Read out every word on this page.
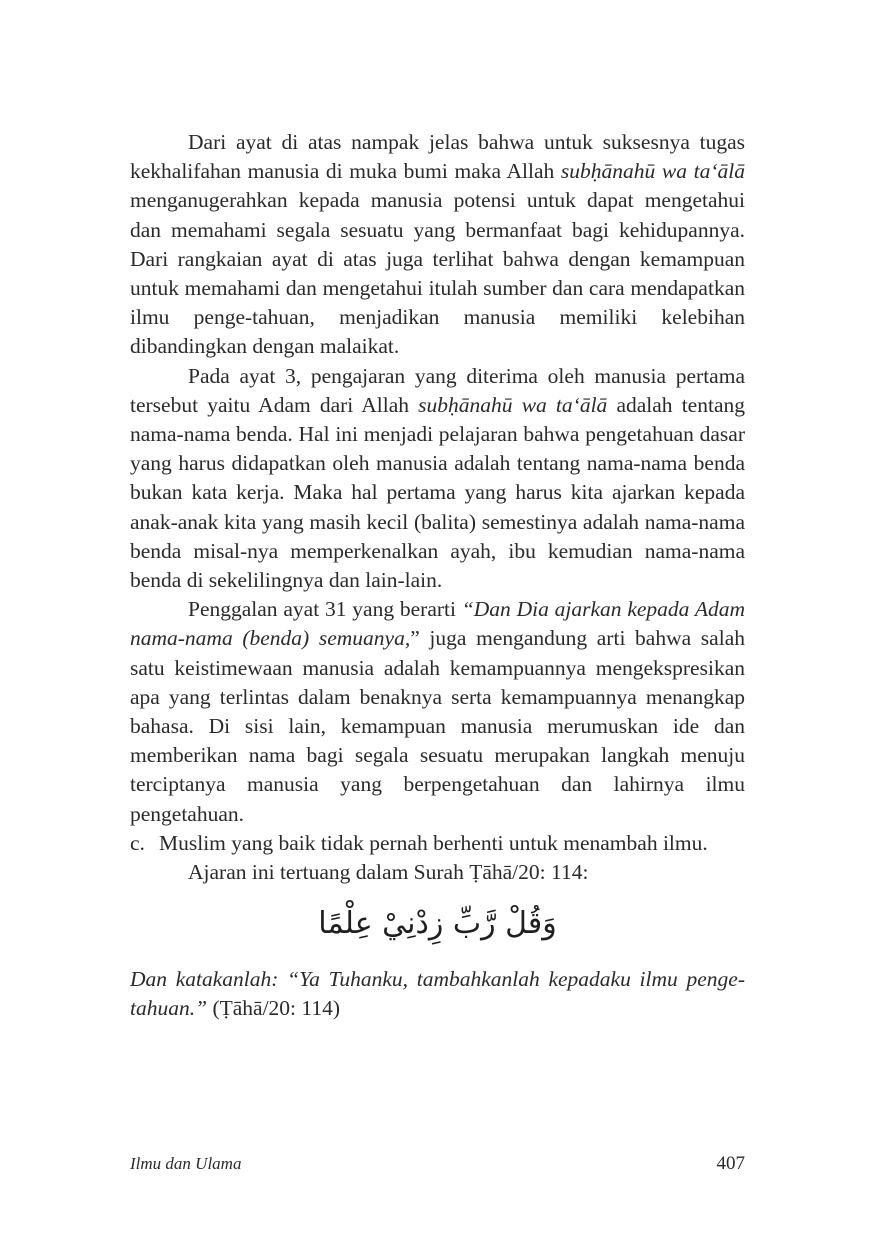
Dari ayat di atas nampak jelas bahwa untuk suksesnya tugas kekhalifahan manusia di muka bumi maka Allah subḥānahū wa ta‘ālā menganugerahkan kepada manusia potensi untuk dapat mengetahui dan memahami segala sesuatu yang bermanfaat bagi kehidupannya. Dari rangkaian ayat di atas juga terlihat bahwa dengan kemampuan untuk memahami dan mengetahui itulah sumber dan cara mendapatkan ilmu penge-tahuan, menjadikan manusia memiliki kelebihan dibandingkan dengan malaikat.

Pada ayat 3, pengajaran yang diterima oleh manusia pertama tersebut yaitu Adam dari Allah subḥānahū wa ta‘ālā adalah tentang nama-nama benda. Hal ini menjadi pelajaran bahwa pengetahuan dasar yang harus didapatkan oleh manusia adalah tentang nama-nama benda bukan kata kerja. Maka hal pertama yang harus kita ajarkan kepada anak-anak kita yang masih kecil (balita) semestinya adalah nama-nama benda misal-nya memperkenalkan ayah, ibu kemudian nama-nama benda di sekelilingnya dan lain-lain.

Penggalan ayat 31 yang berarti “Dan Dia ajarkan kepada Adam nama-nama (benda) semuanya,” juga mengandung arti bahwa salah satu keistimewaan manusia adalah kemampuannya mengekspresikan apa yang terlintas dalam benaknya serta kemampuannya menangkap bahasa. Di sisi lain, kemampuan manusia merumuskan ide dan memberikan nama bagi segala sesuatu merupakan langkah menuju terciptanya manusia yang berpengetahuan dan lahirnya ilmu pengetahuan.

c. Muslim yang baik tidak pernah berhenti untuk menambah ilmu.

Ajaran ini tertuang dalam Surah Ṭāhā/20: 114:

وَقُلْ رَّبِّ زِدْنِيْ عِلْمًا

Dan katakanlah: “Ya Tuhanku, tambahkanlah kepadaku ilmu penge-tahuan.” (Ṭāhā/20: 114)

Ilmu dan Ulama	407
